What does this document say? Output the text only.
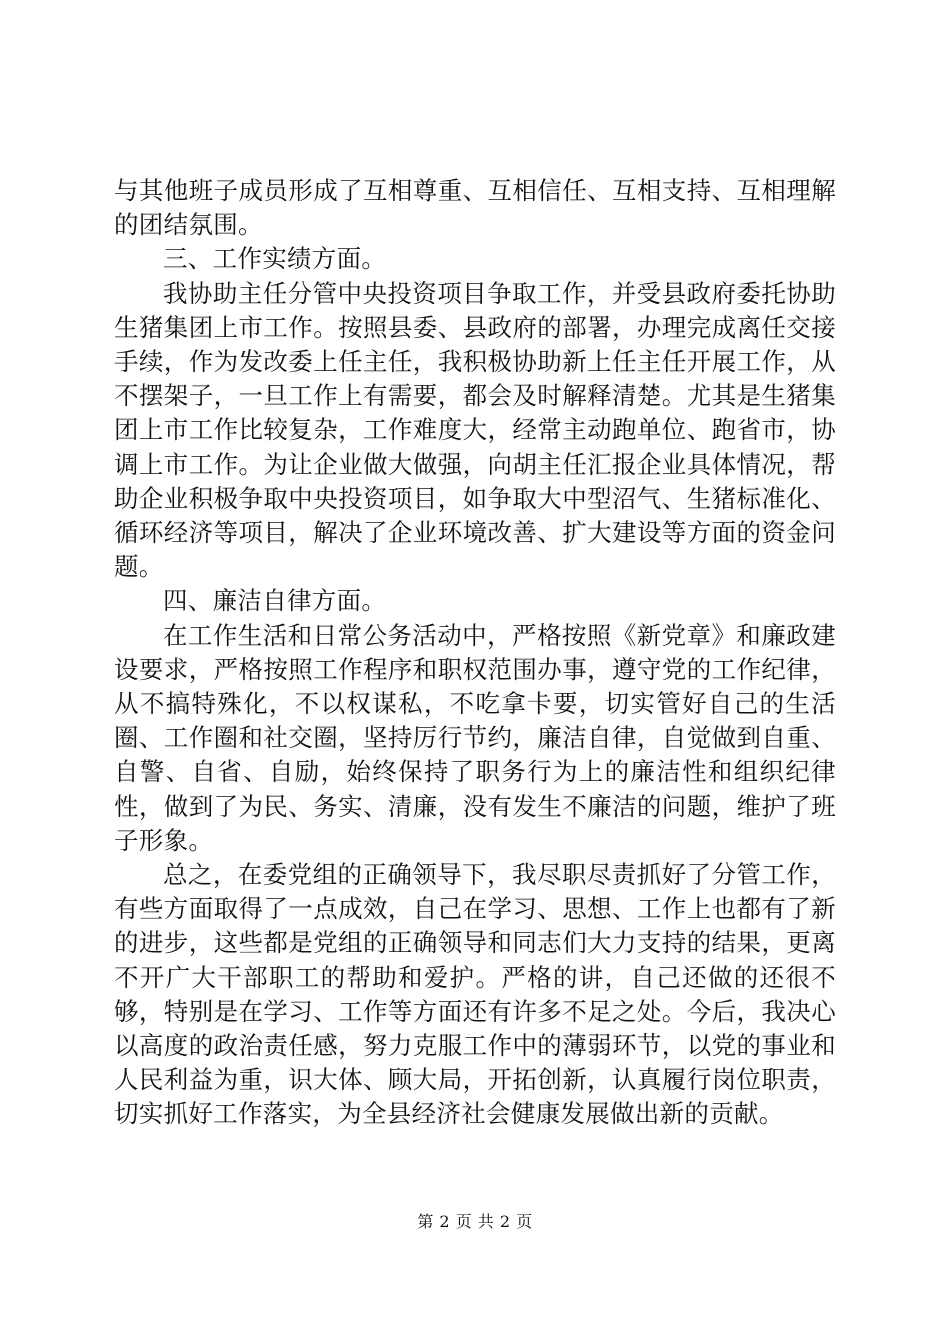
与其他班子成员形成了互相尊重、互相信任、互相支持、互相理解的团结氛围。

三、工作实绩方面。

我协助主任分管中央投资项目争取工作，并受县政府委托协助生猪集团上市工作。按照县委、县政府的部署，办理完成离任交接手续，作为发改委上任主任，我积极协助新上任主任开展工作，从不摆架子，一旦工作上有需要，都会及时解释清楚。尤其是生猪集团上市工作比较复杂，工作难度大，经常主动跑单位、跑省市，协调上市工作。为让企业做大做强，向胡主任汇报企业具体情况，帮助企业积极争取中央投资项目，如争取大中型沼气、生猪标准化、循环经济等项目，解决了企业环境改善、扩大建设等方面的资金问题。

四、廉洁自律方面。

在工作生活和日常公务活动中，严格按照《新党章》和廉政建设要求，严格按照工作程序和职权范围办事，遵守党的工作纪律，从不搞特殊化，不以权谋私，不吃拿卡要，切实管好自己的生活圈、工作圈和社交圈，坚持厉行节约，廉洁自律，自觉做到自重、自警、自省、自励，始终保持了职务行为上的廉洁性和组织纪律性，做到了为民、务实、清廉，没有发生不廉洁的问题，维护了班子形象。

总之，在委党组的正确领导下，我尽职尽责抓好了分管工作，有些方面取得了一点成效，自己在学习、思想、工作上也都有了新的进步，这些都是党组的正确领导和同志们大力支持的结果，更离不开广大干部职工的帮助和爱护。严格的讲，自己还做的还很不够，特别是在学习、工作等方面还有许多不足之处。今后，我决心以高度的政治责任感，努力克服工作中的薄弱环节，以党的事业和人民利益为重，识大体、顾大局，开拓创新，认真履行岗位职责，切实抓好工作落实，为全县经济社会健康发展做出新的贡献。

第 2 页 共 2 页
